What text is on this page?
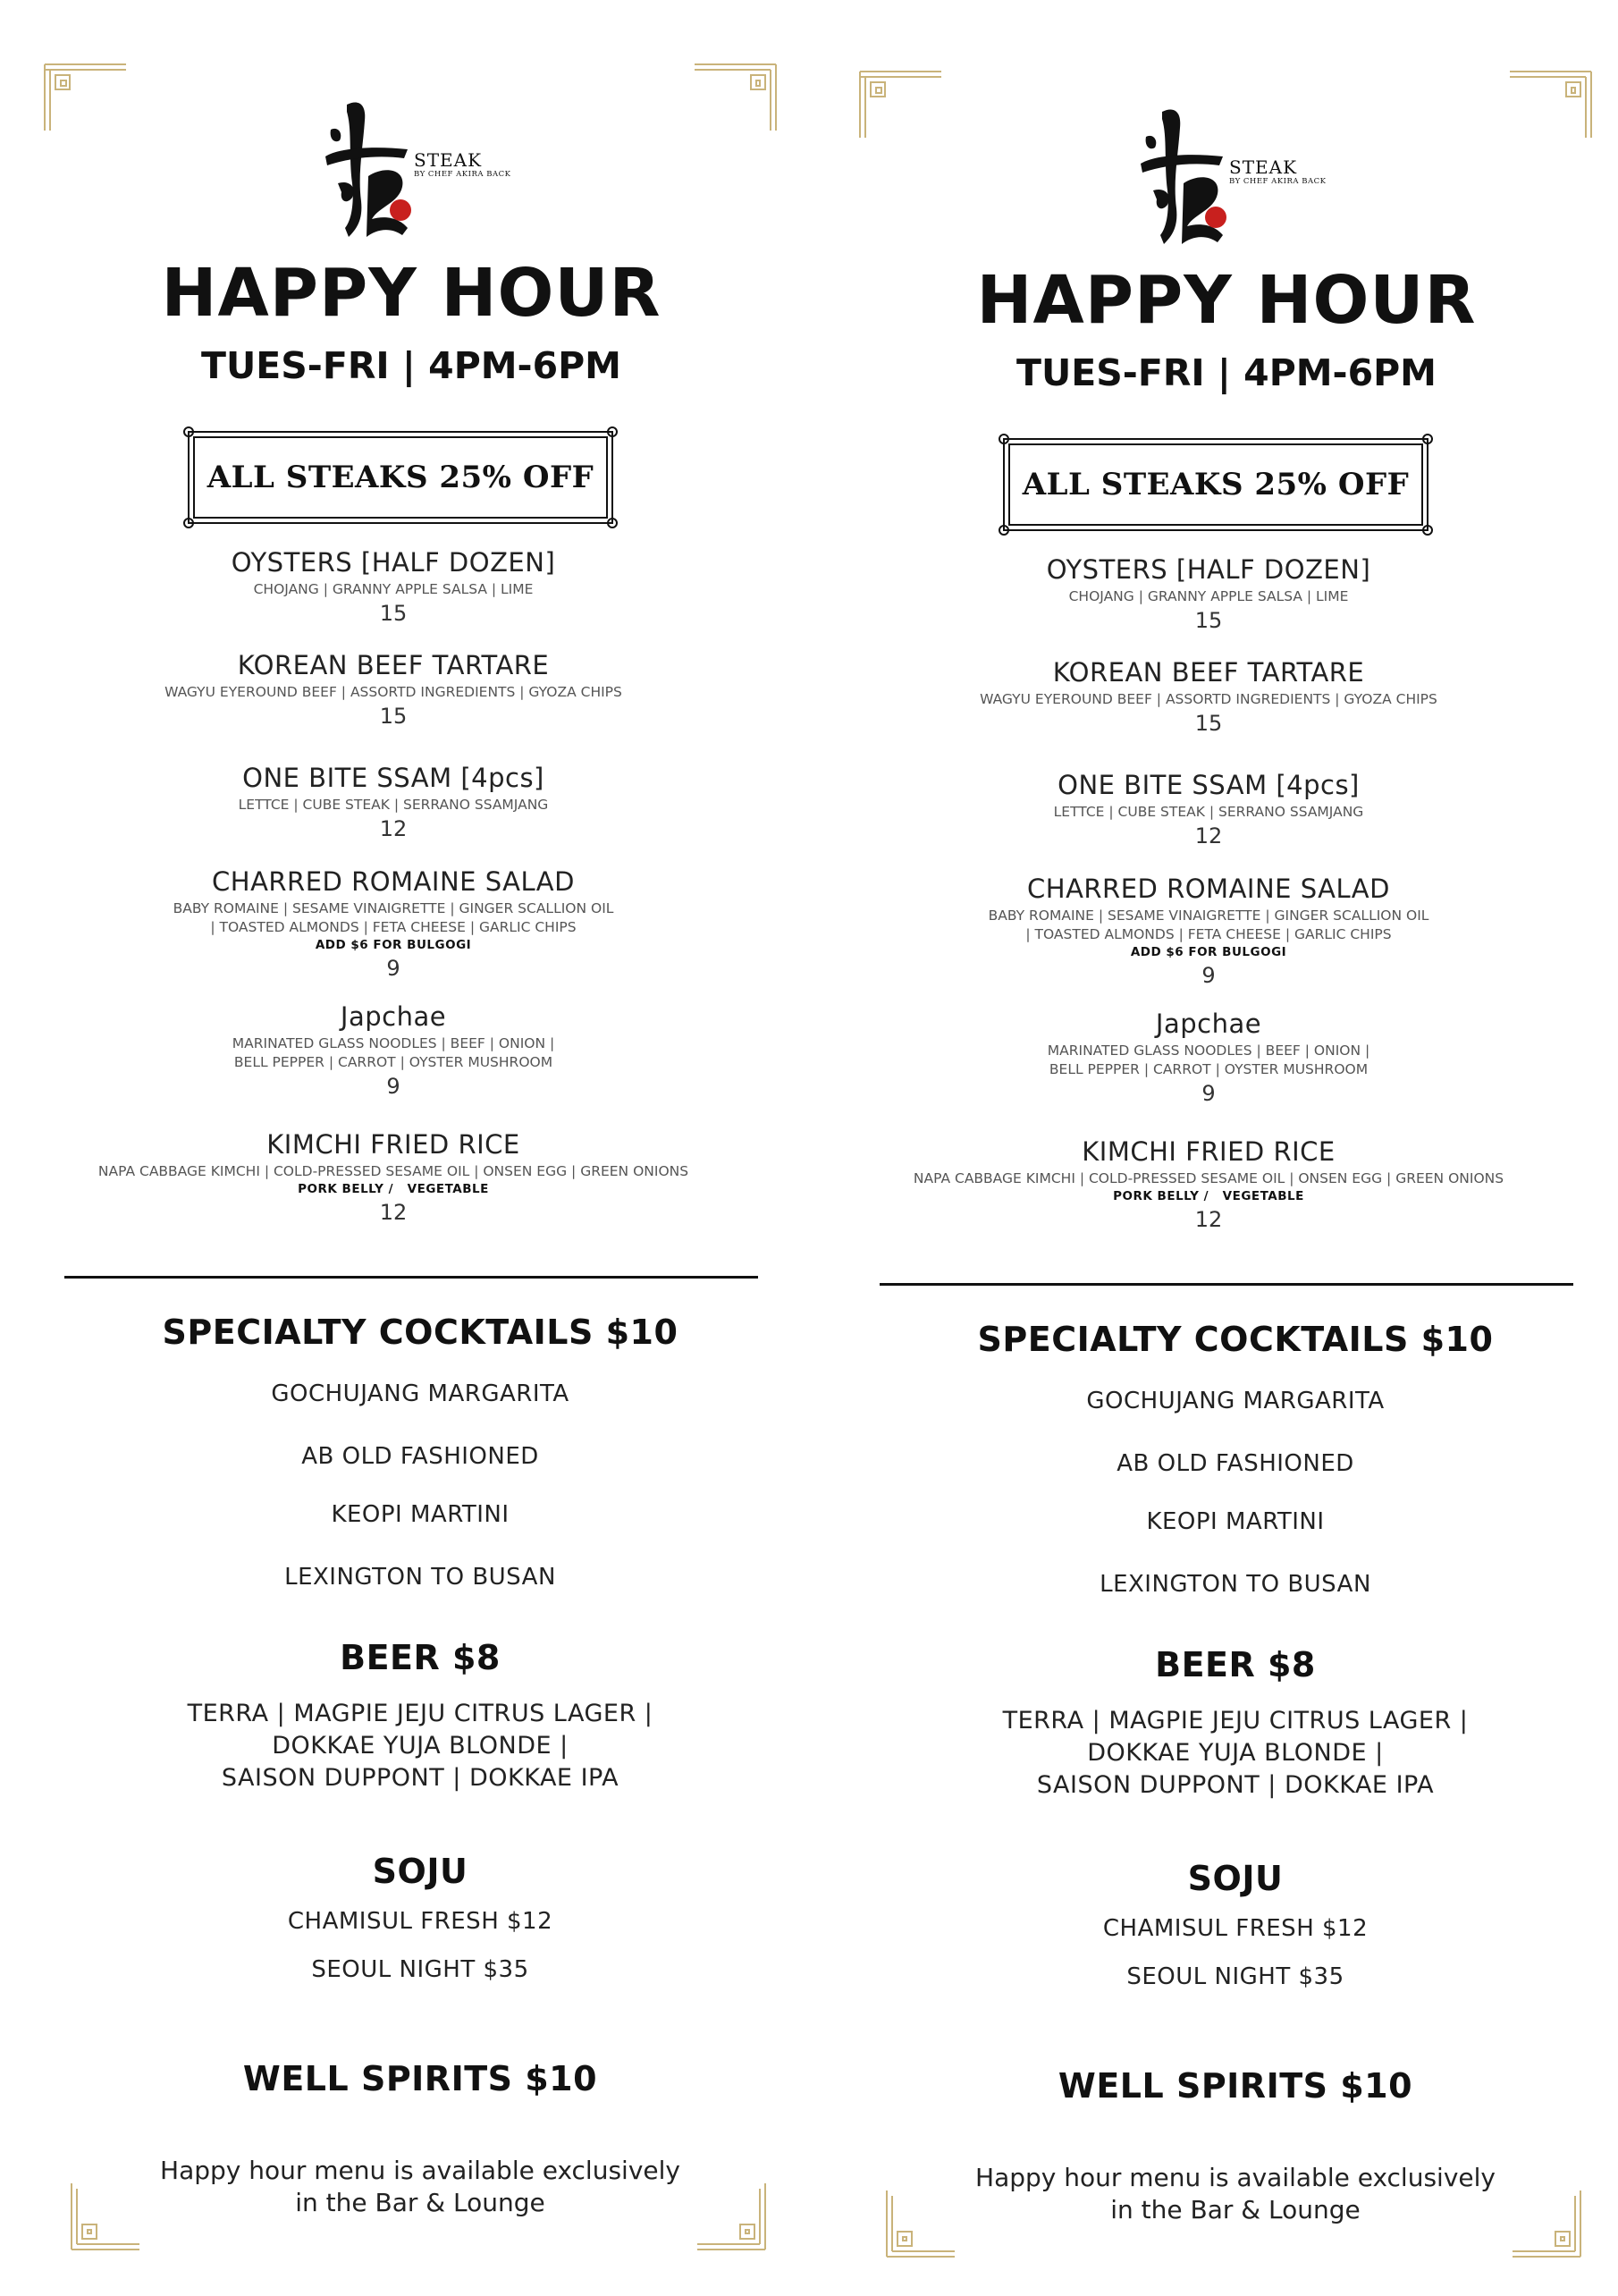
STEAK
BY CHEF AKIRA BACK
HAPPY HOUR
TUES-FRI | 4PM-6PM
ALL STEAKS 25% OFF
OYSTERS [HALF DOZEN]
CHOJANG | GRANNY APPLE SALSA | LIME
15
KOREAN BEEF TARTARE
WAGYU EYEROUND BEEF | ASSORTD INGREDIENTS | GYOZA CHIPS
15
ONE BITE SSAM [4pcs]
LETTCE | CUBE STEAK | SERRANO SSAMJANG
12
CHARRED ROMAINE SALAD
BABY ROMAINE | SESAME VINAIGRETTE | GINGER SCALLION OIL
| TOASTED ALMONDS | FETA CHEESE | GARLIC CHIPS
ADD $6 FOR BULGOGI
9
Japchae
MARINATED GLASS NOODLES | BEEF | ONION |
BELL PEPPER | CARROT | OYSTER MUSHROOM
9
KIMCHI FRIED RICE
NAPA CABBAGE KIMCHI | COLD-PRESSED SESAME OIL | ONSEN EGG | GREEN ONIONS
PORK BELLY /   VEGETABLE
12
SPECIALTY COCKTAILS $10
GOCHUJANG MARGARITA
AB OLD FASHIONED
KEOPI MARTINI
LEXINGTON TO BUSAN
BEER $8
TERRA | MAGPIE JEJU CITRUS LAGER |
DOKKAE YUJA BLONDE |
SAISON DUPPONT | DOKKAE IPA
SOJU
CHAMISUL FRESH $12
SEOUL NIGHT $35
WELL SPIRITS $10
Happy hour menu is available exclusively
in the Bar & Lounge
STEAK
BY CHEF AKIRA BACK
HAPPY HOUR
TUES-FRI | 4PM-6PM
ALL STEAKS 25% OFF
OYSTERS [HALF DOZEN]
CHOJANG | GRANNY APPLE SALSA | LIME
15
KOREAN BEEF TARTARE
WAGYU EYEROUND BEEF | ASSORTD INGREDIENTS | GYOZA CHIPS
15
ONE BITE SSAM [4pcs]
LETTCE | CUBE STEAK | SERRANO SSAMJANG
12
CHARRED ROMAINE SALAD
BABY ROMAINE | SESAME VINAIGRETTE | GINGER SCALLION OIL
| TOASTED ALMONDS | FETA CHEESE | GARLIC CHIPS
ADD $6 FOR BULGOGI
9
Japchae
MARINATED GLASS NOODLES | BEEF | ONION |
BELL PEPPER | CARROT | OYSTER MUSHROOM
9
KIMCHI FRIED RICE
NAPA CABBAGE KIMCHI | COLD-PRESSED SESAME OIL | ONSEN EGG | GREEN ONIONS
PORK BELLY /   VEGETABLE
12
SPECIALTY COCKTAILS $10
GOCHUJANG MARGARITA
AB OLD FASHIONED
KEOPI MARTINI
LEXINGTON TO BUSAN
BEER $8
TERRA | MAGPIE JEJU CITRUS LAGER |
DOKKAE YUJA BLONDE |
SAISON DUPPONT | DOKKAE IPA
SOJU
CHAMISUL FRESH $12
SEOUL NIGHT $35
WELL SPIRITS $10
Happy hour menu is available exclusively
in the Bar & Lounge
